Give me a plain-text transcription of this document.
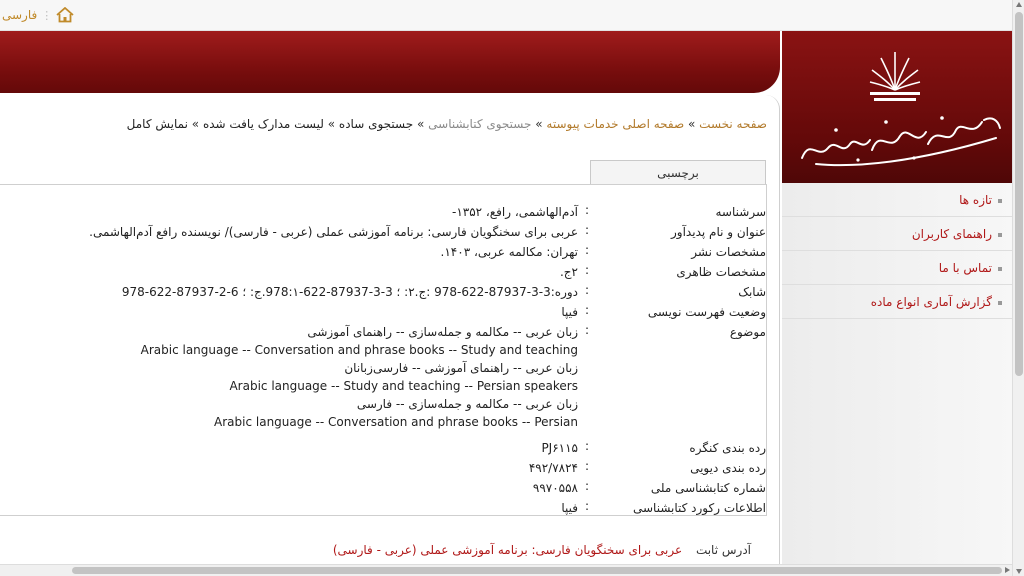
فارسی ⋮
صفحه نخست » صفحه اصلی خدمات پیوسته » جستجوی کتابشناسی » جستجوی ساده » لیست مدارک یافت شده » نمایش کامل
برچسبی
سرشناسه
:
آدم‌الهاشمی، رافع، ۱۳۵۲-
عنوان و نام پدیدآور
:
عربی برای سخنگویان فارسی: برنامه آموزشی عملی (عربی - فارسی)/ نویسنده رافع آدم‌الهاشمی.
مشخصات نشر
:
تهران: مکالمه عربی، ۱۴۰۳.
مشخصات ظاهری
:
۲ج.
شابک
:
دوره:3-3-87937-622-978 :ج.۲: ؛ 3-3-87937-622-978:۱.ج: ؛ 6-2-87937-622-978
وضعیت فهرست نویسی
:
فیپا
موضوع
:
زبان عربی -- مکالمه و جمله‌سازی -- راهنمای آموزشی
Arabic language -- Conversation and phrase books -- Study and teaching
زبان عربی -- راهنمای آموزشی -- فارسی‌زبانان
Arabic language -- Study and teaching -- Persian speakers
زبان عربی -- مکالمه و جمله‌سازی -- فارسی
Arabic language -- Conversation and phrase books -- Persian
رده بندی کنگره
:
PJ۶۱۱۵
رده بندی دیویی
:
۴۹۲/۷۸۲۴
شماره کتابشناسی ملی
:
۹۹۷۰۵۵۸
اطلاعات رکورد کتابشناسی
:
فیپا
آدرس ثابت عربی برای سخنگویان فارسی: برنامه آموزشی عملی (عربی - فارسی)
تازه ها
راهنمای کاربران
تماس با ما
گزارش آماری انواع ماده
